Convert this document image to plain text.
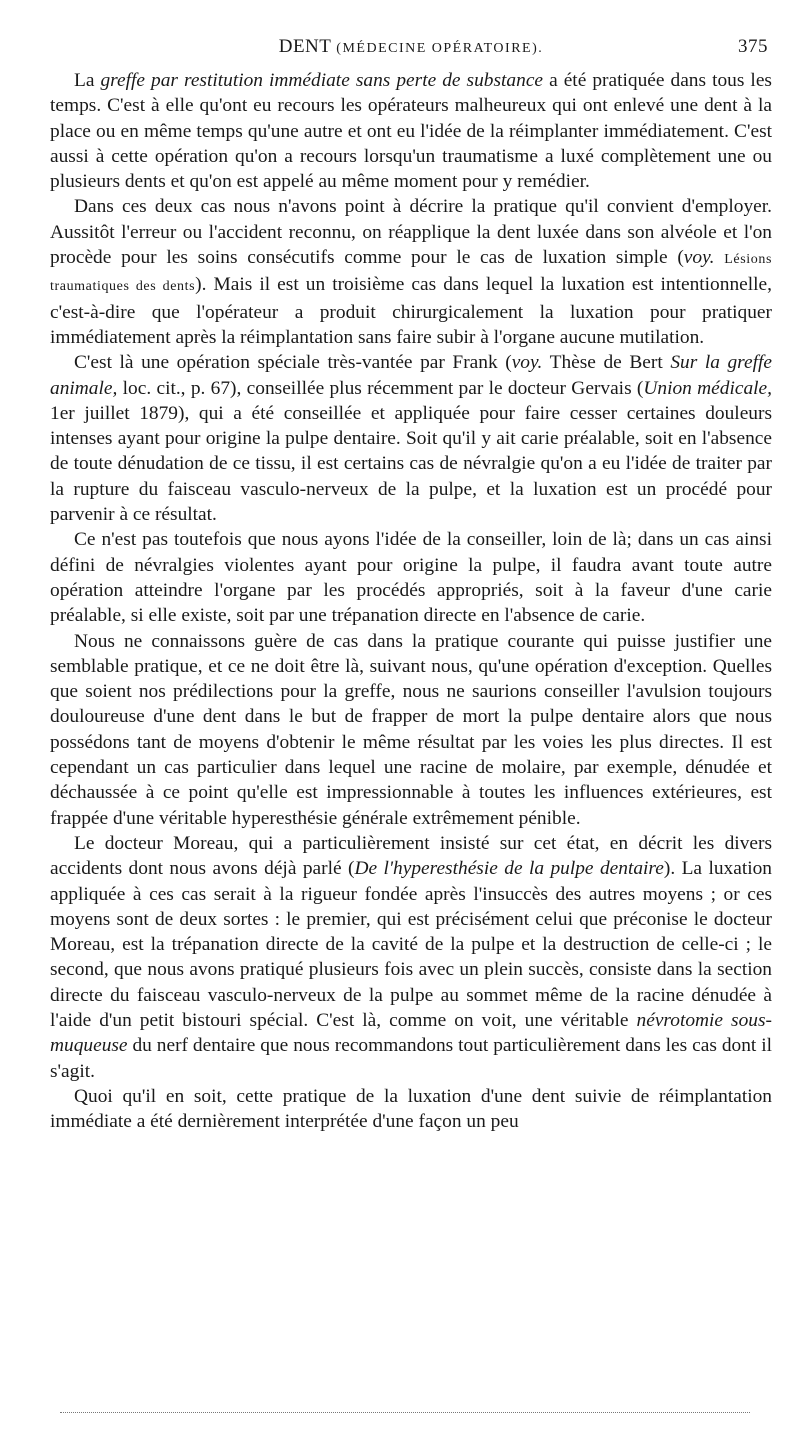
DENT (MÉDECINE OPÉRATOIRE).	375

La greffe par restitution immédiate sans perte de substance a été pratiquée dans tous les temps. C'est à elle qu'ont eu recours les opérateurs malheureux qui ont enlevé une dent à la place ou en même temps qu'une autre et ont eu l'idée de la réimplanter immédiatement. C'est aussi à cette opération qu'on a recours lorsqu'un traumatisme a luxé complètement une ou plusieurs dents et qu'on est appelé au même moment pour y remédier.

Dans ces deux cas nous n'avons point à décrire la pratique qu'il convient d'employer. Aussitôt l'erreur ou l'accident reconnu, on réapplique la dent luxée dans son alvéole et l'on procède pour les soins consécutifs comme pour le cas de luxation simple (voy. Lésions traumatiques des dents). Mais il est un troisième cas dans lequel la luxation est intentionnelle, c'est-à-dire que l'opérateur a produit chirurgicalement la luxation pour pratiquer immédiatement après la réimplantation sans faire subir à l'organe aucune mutilation.

C'est là une opération spéciale très-vantée par Frank (voy. Thèse de Bert Sur la greffe animale, loc. cit., p. 67), conseillée plus récemment par le docteur Gervais (Union médicale, 1er juillet 1879), qui a été conseillée et appliquée pour faire cesser certaines douleurs intenses ayant pour origine la pulpe dentaire. Soit qu'il y ait carie préalable, soit en l'absence de toute dénudation de ce tissu, il est certains cas de névralgie qu'on a eu l'idée de traiter par la rupture du faisceau vasculo-nerveux de la pulpe, et la luxation est un procédé pour parvenir à ce résultat.

Ce n'est pas toutefois que nous ayons l'idée de la conseiller, loin de là; dans un cas ainsi défini de névralgies violentes ayant pour origine la pulpe, il faudra avant toute autre opération atteindre l'organe par les procédés appropriés, soit à la faveur d'une carie préalable, si elle existe, soit par une trépanation directe en l'absence de carie.

Nous ne connaissons guère de cas dans la pratique courante qui puisse justifier une semblable pratique, et ce ne doit être là, suivant nous, qu'une opération d'exception. Quelles que soient nos prédilections pour la greffe, nous ne saurions conseiller l'avulsion toujours douloureuse d'une dent dans le but de frapper de mort la pulpe dentaire alors que nous possédons tant de moyens d'obtenir le même résultat par les voies les plus directes. Il est cependant un cas particulier dans lequel une racine de molaire, par exemple, dénudée et déchaussée à ce point qu'elle est impressionnable à toutes les influences extérieures, est frappée d'une véritable hyperesthésie générale extrêmement pénible.

Le docteur Moreau, qui a particulièrement insisté sur cet état, en décrit les divers accidents dont nous avons déjà parlé (De l'hyperesthésie de la pulpe dentaire). La luxation appliquée à ces cas serait à la rigueur fondée après l'insuccès des autres moyens ; or ces moyens sont de deux sortes : le premier, qui est précisément celui que préconise le docteur Moreau, est la trépanation directe de la cavité de la pulpe et la destruction de celle-ci ; le second, que nous avons pratiqué plusieurs fois avec un plein succès, consiste dans la section directe du faisceau vasculo-nerveux de la pulpe au sommet même de la racine dénudée à l'aide d'un petit bistouri spécial. C'est là, comme on voit, une véritable névrotomie sous-muqueuse du nerf dentaire que nous recommandons tout particulièrement dans les cas dont il s'agit.

Quoi qu'il en soit, cette pratique de la luxation d'une dent suivie de réimplantation immédiate a été dernièrement interprétée d'une façon un peu
